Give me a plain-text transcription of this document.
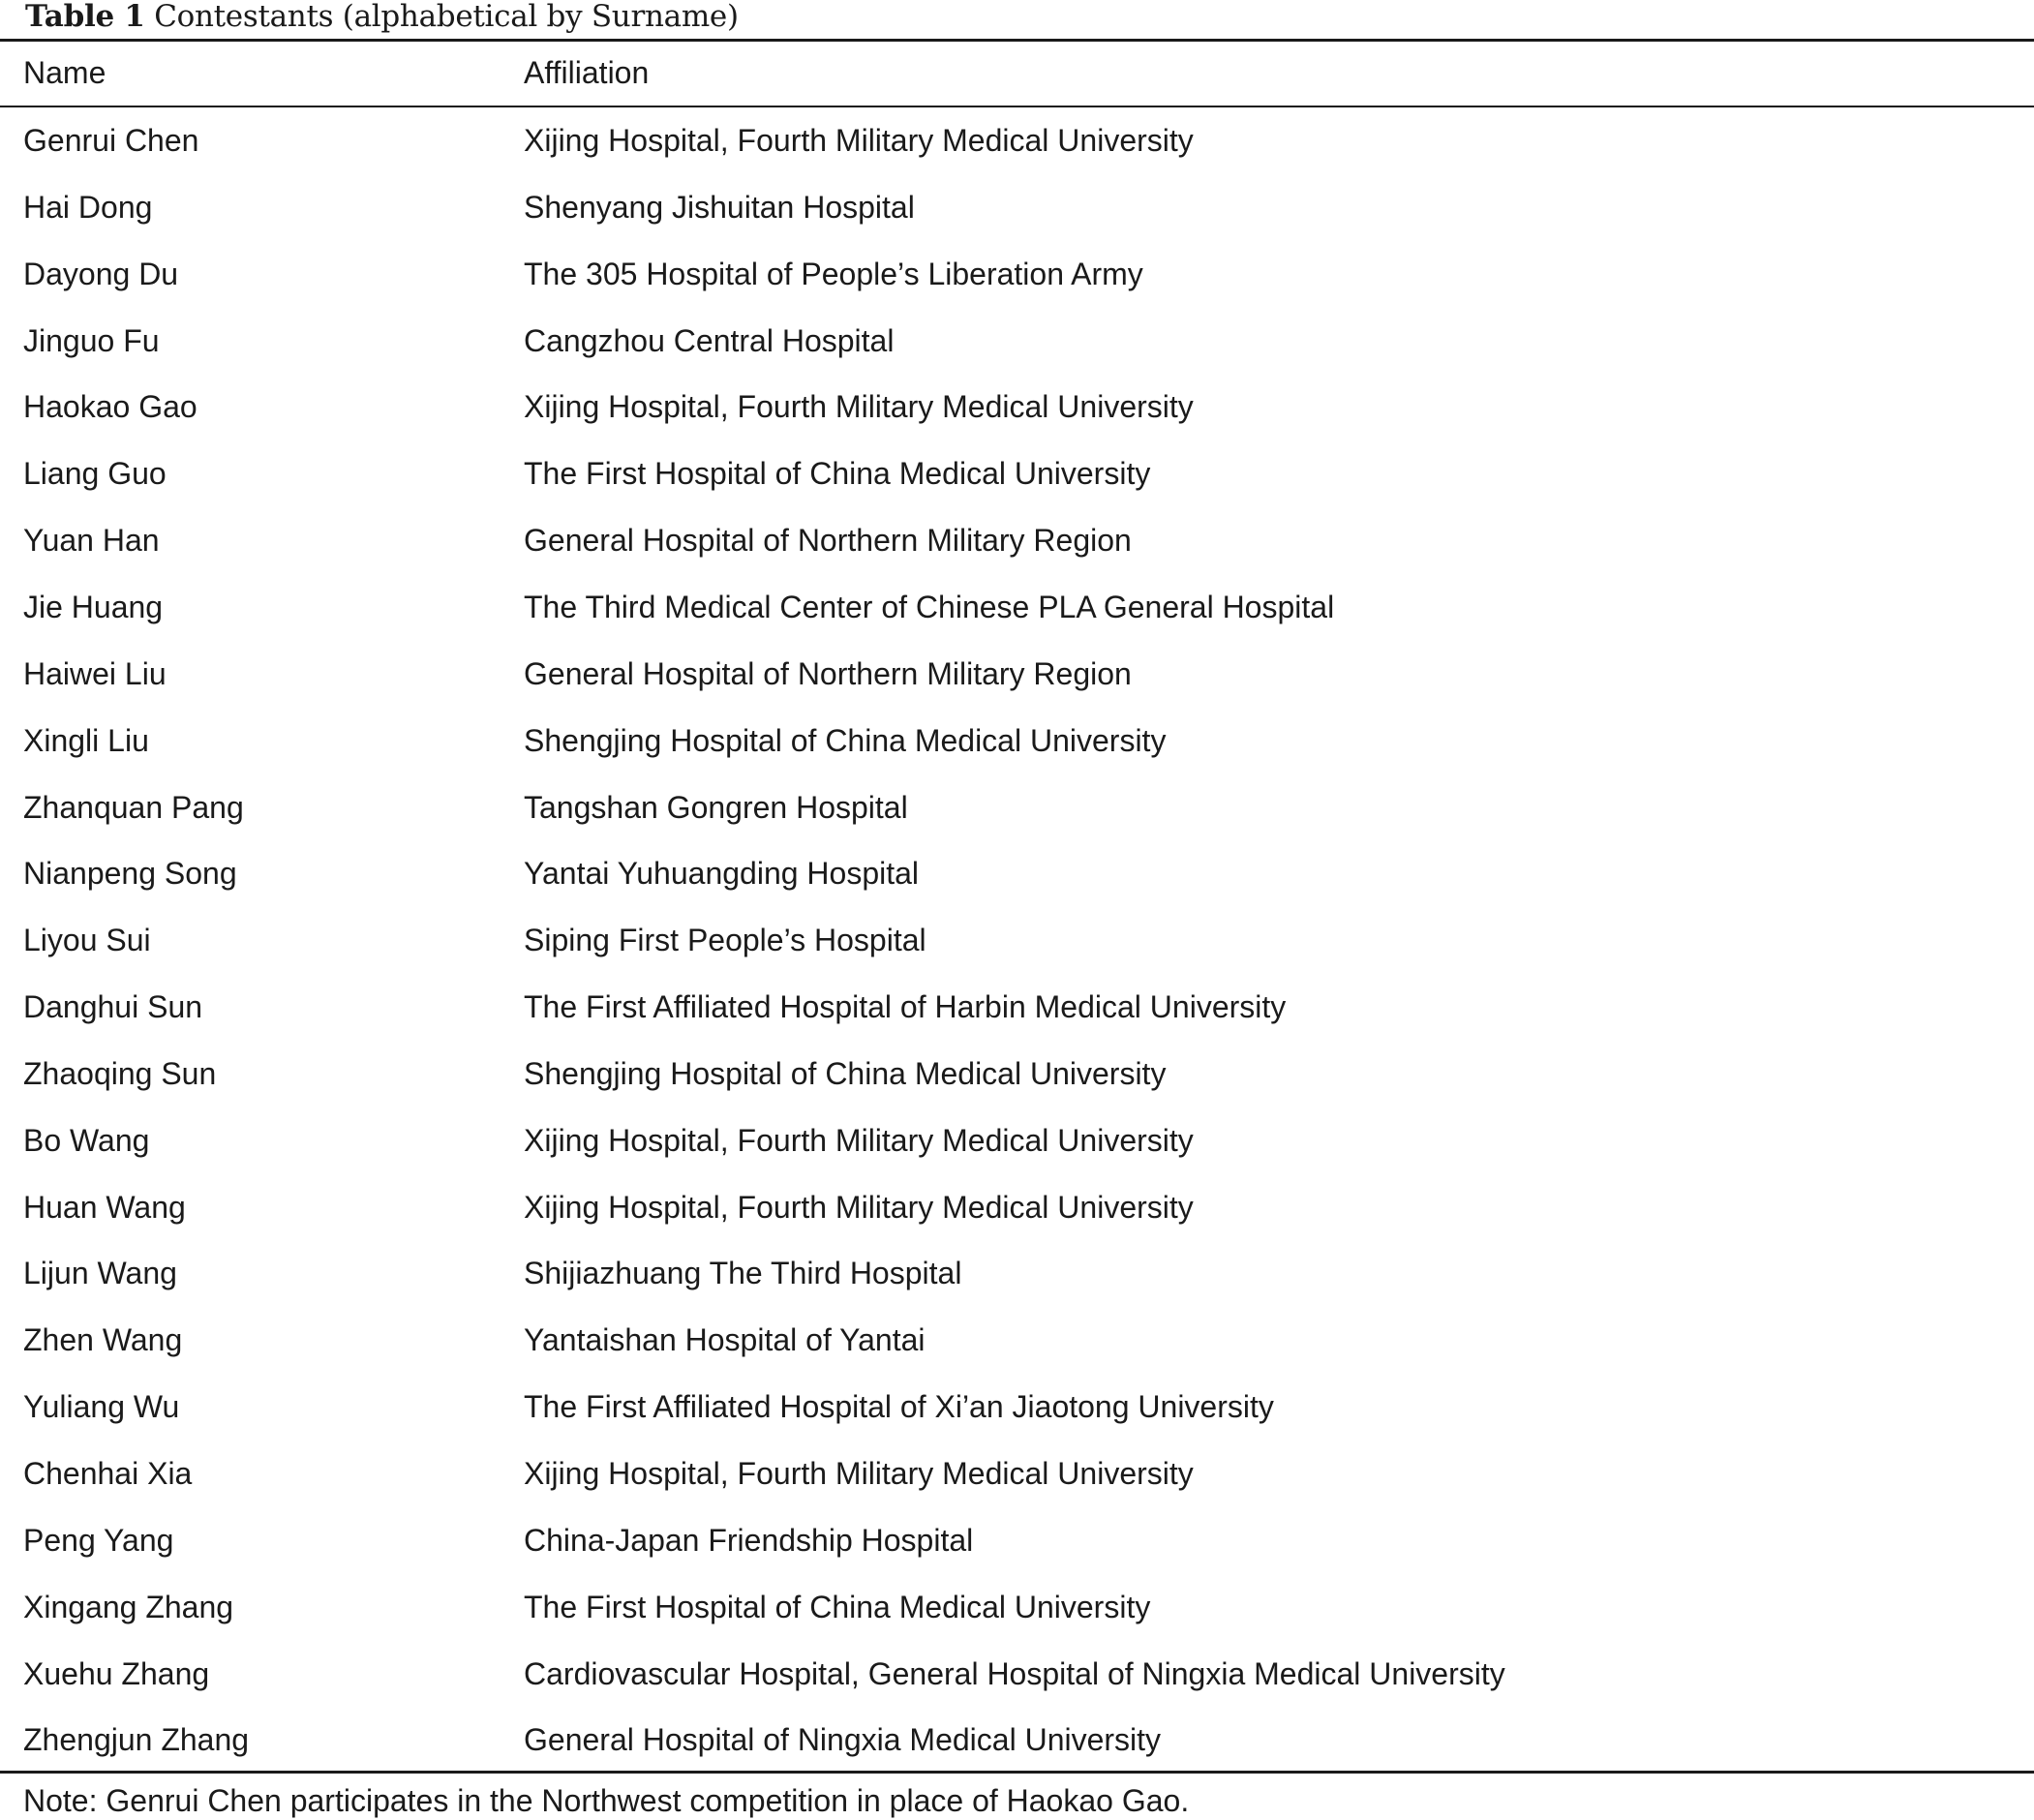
Table 1 Contestants (alphabetical by Surname)
Name	Affiliation
Genrui Chen	Xijing Hospital, Fourth Military Medical University
Hai Dong	Shenyang Jishuitan Hospital
Dayong Du	The 305 Hospital of People’s Liberation Army
Jinguo Fu	Cangzhou Central Hospital
Haokao Gao	Xijing Hospital, Fourth Military Medical University
Liang Guo	The First Hospital of China Medical University
Yuan Han	General Hospital of Northern Military Region
Jie Huang	The Third Medical Center of Chinese PLA General Hospital
Haiwei Liu	General Hospital of Northern Military Region
Xingli Liu	Shengjing Hospital of China Medical University
Zhanquan Pang	Tangshan Gongren Hospital
Nianpeng Song	Yantai Yuhuangding Hospital
Liyou Sui	Siping First People’s Hospital
Danghui Sun	The First Affiliated Hospital of Harbin Medical University
Zhaoqing Sun	Shengjing Hospital of China Medical University
Bo Wang	Xijing Hospital, Fourth Military Medical University
Huan Wang	Xijing Hospital, Fourth Military Medical University
Lijun Wang	Shijiazhuang The Third Hospital
Zhen Wang	Yantaishan Hospital of Yantai
Yuliang Wu	The First Affiliated Hospital of Xi’an Jiaotong University
Chenhai Xia	Xijing Hospital, Fourth Military Medical University
Peng Yang	China-Japan Friendship Hospital
Xingang Zhang	The First Hospital of China Medical University
Xuehu Zhang	Cardiovascular Hospital, General Hospital of Ningxia Medical University
Zhengjun Zhang	General Hospital of Ningxia Medical University
Note: Genrui Chen participates in the Northwest competition in place of Haokao Gao.
